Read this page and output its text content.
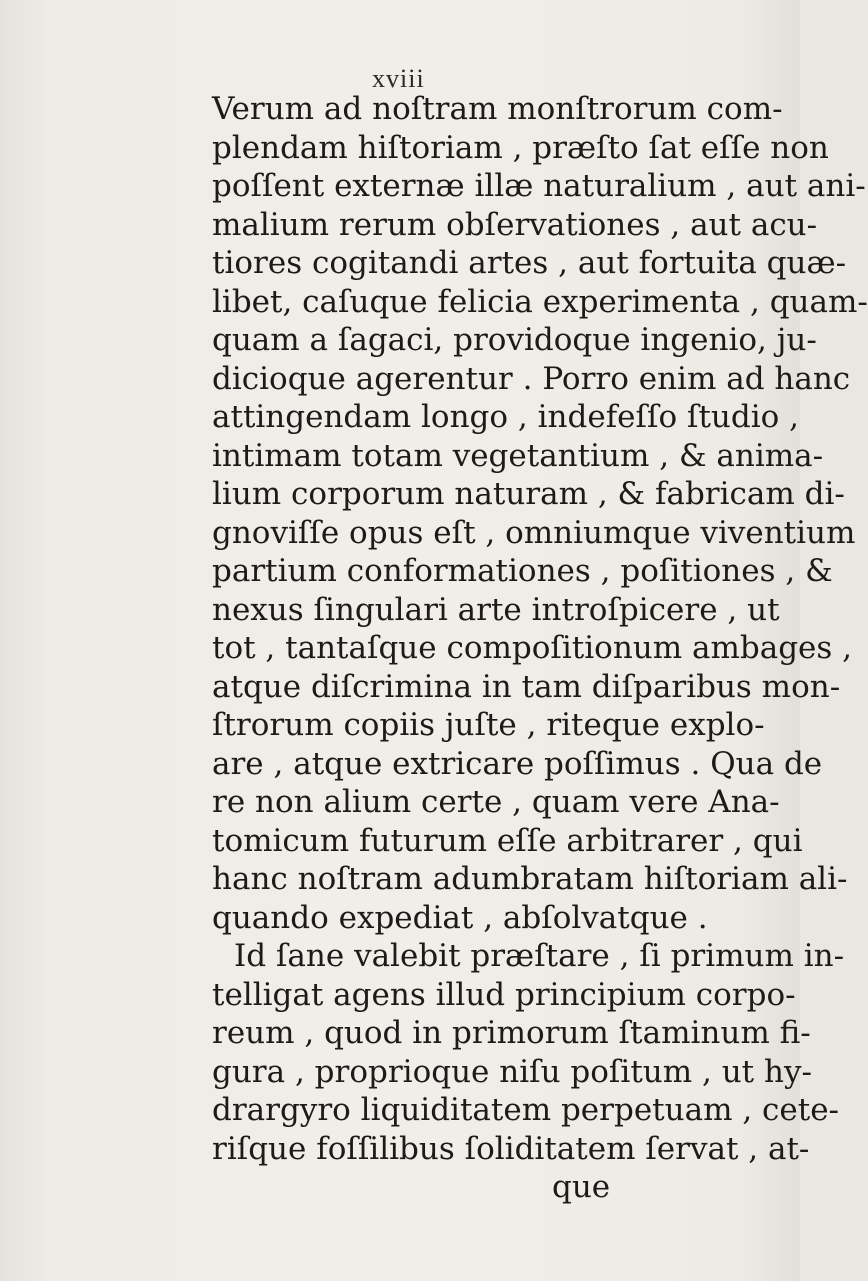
xviii
Verum ad noſtram monſtrorum com-
plendam hiſtoriam , præſto ſat eſſe non
poſſent externæ illæ naturalium , aut ani-
malium rerum obſervationes , aut acu-
tiores cogitandi artes , aut fortuita quæ-
libet, caſuque felicia experimenta , quam-
quam a ſagaci, providoque ingenio, ju-
dicioque agerentur . Porro enim ad hanc
attingendam longo , indefeſſo ſtudio ,
intimam totam vegetantium , & anima-
lium corporum naturam , & fabricam di-
gnoviſſe opus eſt , omniumque viventium
partium conformationes , poſitiones , &
nexus ſingulari arte introſpicere , ut
tot , tantaſque compoſitionum ambages ,
atque diſcrimina in tam diſparibus mon-
ſtrorum copiis juſte , riteque explo-
are , atque extricare poſſimus . Qua de
re non alium certe , quam vere Ana-
tomicum futurum eſſe arbitrarer , qui
hanc noſtram adumbratam hiſtoriam ali-
quando expediat , abſolvatque .
Id ſane valebit præſtare , ſi primum in-
telligat agens illud principium corpo-
reum , quod in primorum ſtaminum fi-
gura , proprioque niſu poſitum , ut hy-
drargyro liquiditatem perpetuam , cete-
riſque foſſilibus ſoliditatem ſervat , at-
que
